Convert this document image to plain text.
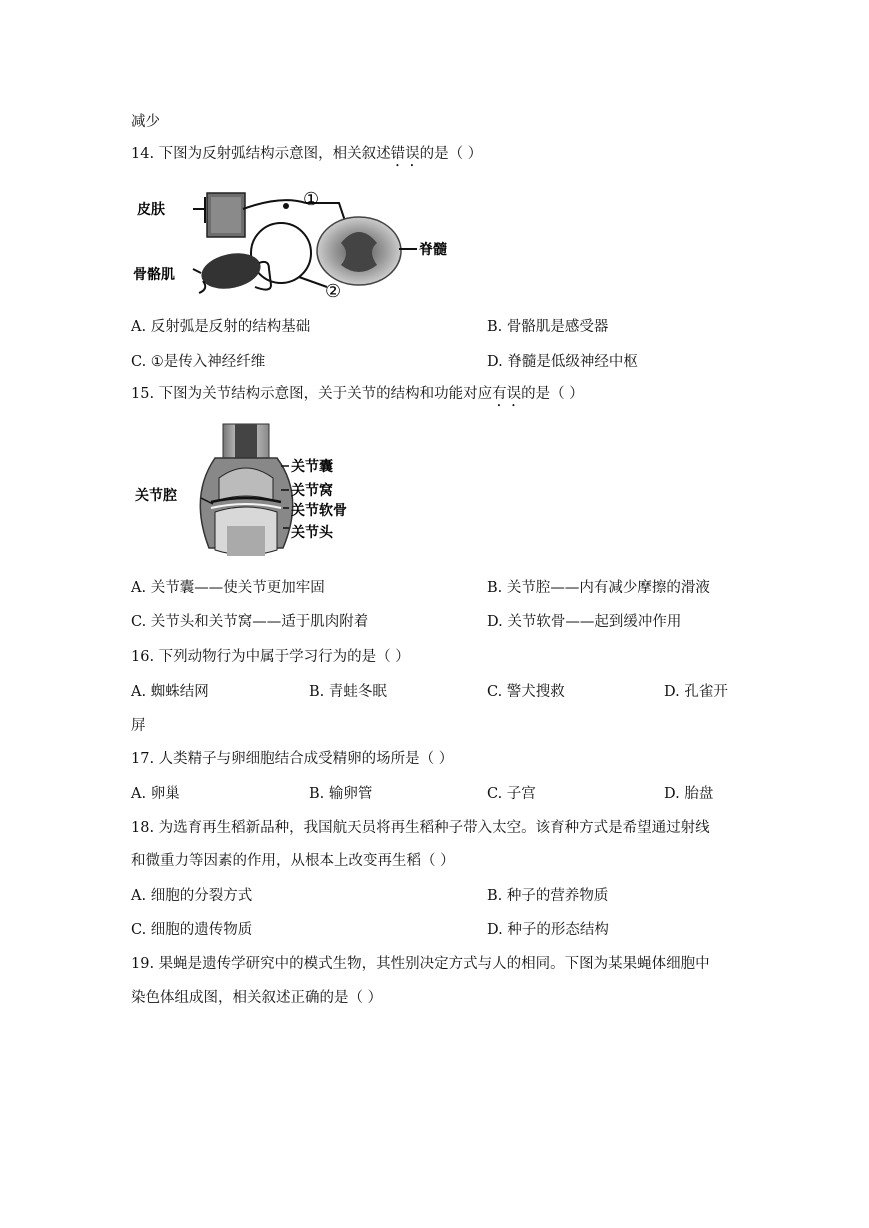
减少
14. 下图为反射弧结构示意图，相关叙述错误的是（ ）
皮肤
骨骼肌
脊髓
①
②
A. 反射弧是反射的结构基础	B. 骨骼肌是感受器
C. ①是传入神经纤维	D. 脊髓是低级神经中枢
15. 下图为关节结构示意图，关于关节的结构和功能对应有误的是（ ）
关节囊
关节窝
关节软骨
关节头
关节腔
A. 关节囊——使关节更加牢固	B. 关节腔——内有减少摩擦的滑液
C. 关节头和关节窝——适于肌肉附着	D. 关节软骨——起到缓冲作用
16. 下列动物行为中属于学习行为的是（ ）
A. 蜘蛛结网	B. 青蛙冬眠	C. 警犬搜救	D. 孔雀开
屏
17. 人类精子与卵细胞结合成受精卵的场所是（ ）
A. 卵巢	B. 输卵管	C. 子宫	D. 胎盘
18. 为选育再生稻新品种，我国航天员将再生稻种子带入太空。该育种方式是希望通过射线
和微重力等因素的作用，从根本上改变再生稻（ ）
A. 细胞的分裂方式	B. 种子的营养物质
C. 细胞的遗传物质	D. 种子的形态结构
19. 果蝇是遗传学研究中的模式生物，其性别决定方式与人的相同。下图为某果蝇体细胞中
染色体组成图，相关叙述正确的是（ ）
